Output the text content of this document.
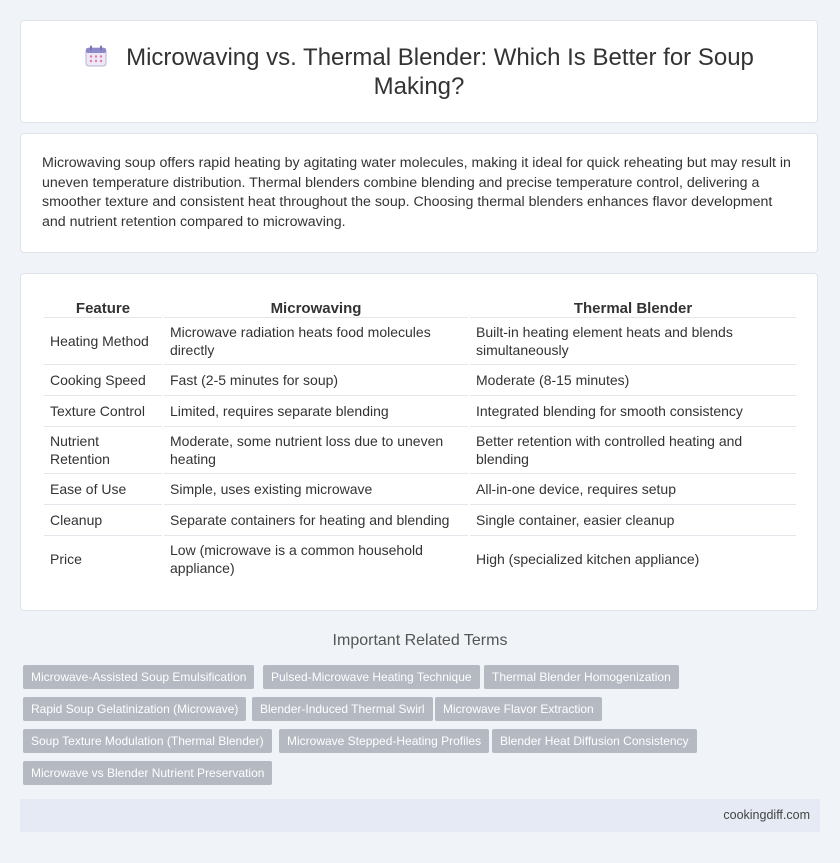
Microwaving vs. Thermal Blender: Which Is Better for Soup
Making?
Microwaving soup offers rapid heating by agitating water molecules, making it ideal for quick reheating but may result in uneven temperature distribution. Thermal blenders combine blending and precise temperature control, delivering a smoother texture and consistent heat throughout the soup. Choosing thermal blenders enhances flavor development and nutrient retention compared to microwaving.
Feature	Microwaving	Thermal Blender
Heating Method	Microwave radiation heats food molecules directly	Built-in heating element heats and blends simultaneously
Cooking Speed	Fast (2-5 minutes for soup)	Moderate (8-15 minutes)
Texture Control	Limited, requires separate blending	Integrated blending for smooth consistency
Nutrient Retention	Moderate, some nutrient loss due to uneven heating	Better retention with controlled heating and blending
Ease of Use	Simple, uses existing microwave	All-in-one device, requires setup
Cleanup	Separate containers for heating and blending	Single container, easier cleanup
Price	Low (microwave is a common household appliance)	High (specialized kitchen appliance)
Important Related Terms
Microwave-Assisted Soup Emulsification	Pulsed-Microwave Heating Technique	Thermal Blender Homogenization
Rapid Soup Gelatinization (Microwave)	Blender-Induced Thermal Swirl	Microwave Flavor Extraction
Soup Texture Modulation (Thermal Blender)	Microwave Stepped-Heating Profiles	Blender Heat Diffusion Consistency
Microwave vs Blender Nutrient Preservation
cookingdiff.com
